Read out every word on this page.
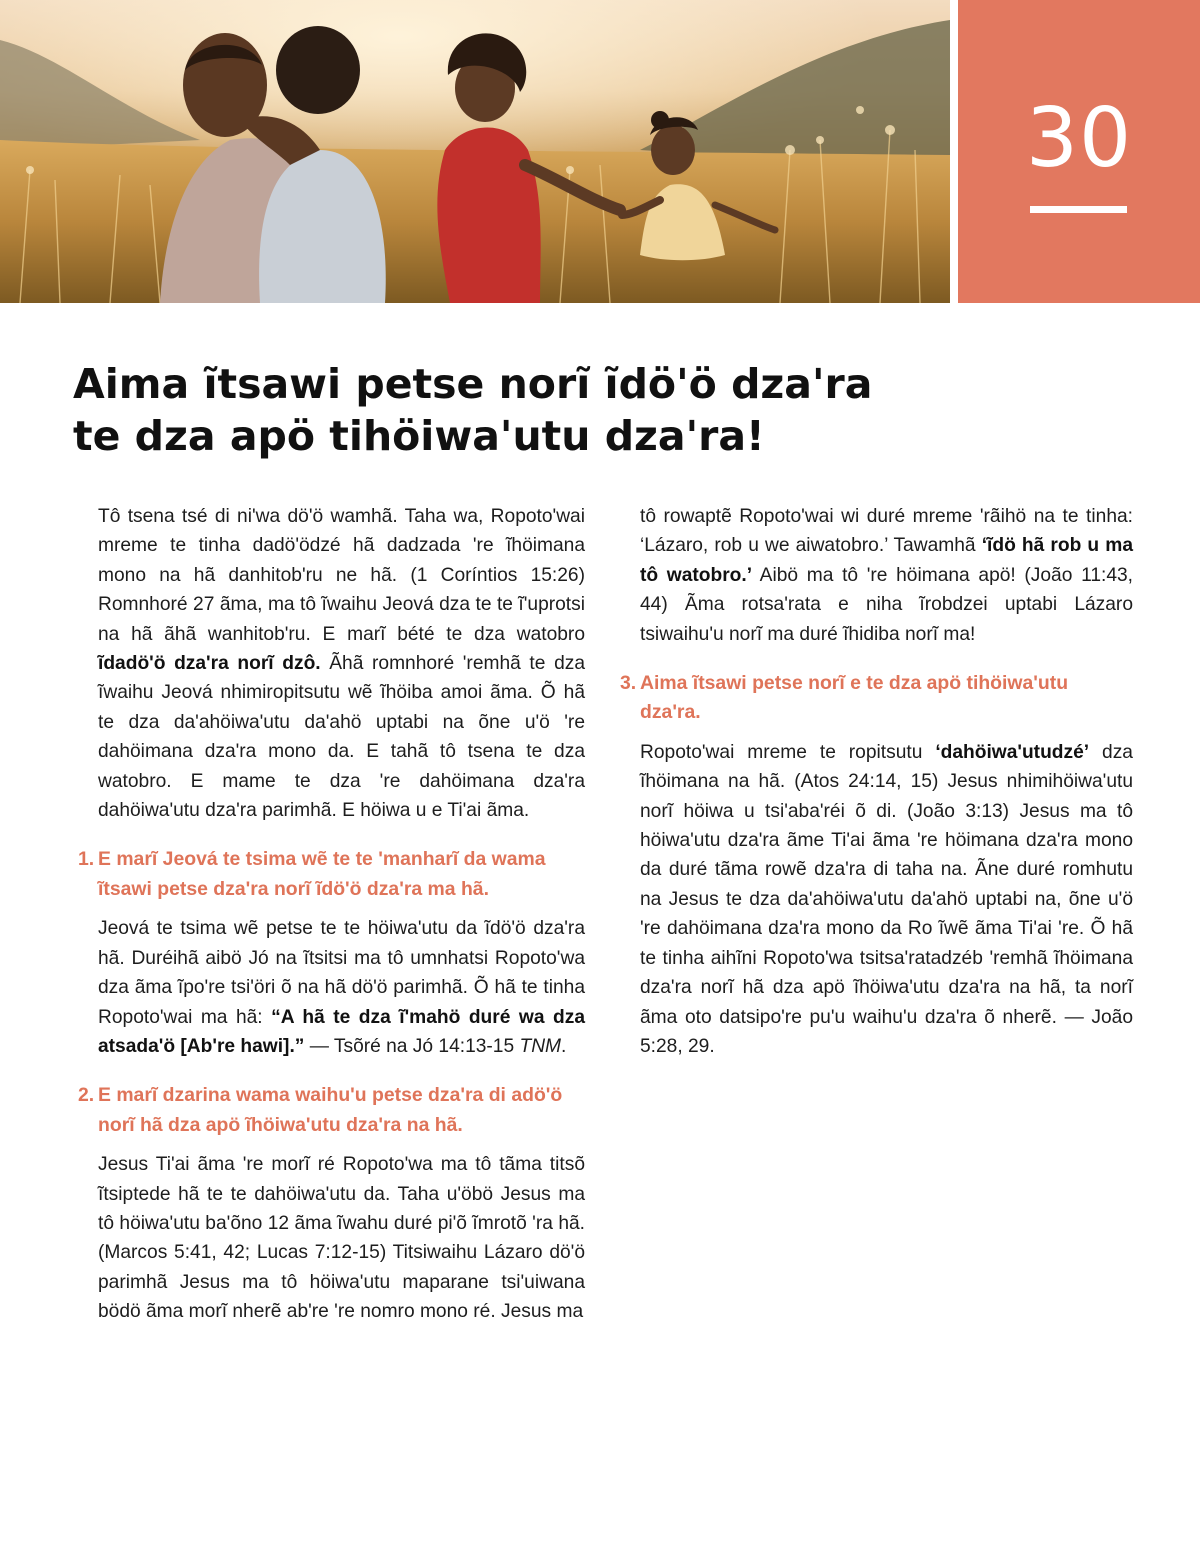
30
Aima ĩtsawi petse norĩ ĩdö'ö dza'ra
te dza apö tihöiwa'utu dza'ra!

Tô tsena tsé di ni'wa dö'ö wamhã. Taha wa, Ropoto'wai mreme te tinha dadö'ödzé hã dadzada 're ĩhöimana mono na hã danhitob'ru ne hã. (1 Coríntios 15:26) Romnhoré 27 ãma, ma tô ĩwaihu Jeová dza te te ĩ'uprotsi na hã ãhã wanhitob'ru. E marĩ bété te dza watobro ĩdadö'ö dza'ra norĩ dzô. Ãhã romnhoré 'remhã te dza ĩwaihu Jeová nhimiropitsutu wẽ ĩhöiba amoi ãma. Õ hã te dza da'ahöiwa'utu da'ahö uptabi na õne u'ö 're dahöimana dza'ra mono da. E tahã tô tsena te dza watobro. E mame te dza 're dahöimana dza'ra dahöiwa'utu dza'ra parimhã. E höiwa u e Ti'ai ãma.

1. E marĩ Jeová te tsima wẽ te te 'manharĩ da wama ĩtsawi petse dza'ra norĩ ĩdö'ö dza'ra ma hã.

Jeová te tsima wẽ petse te te höiwa'utu da ĩdö'ö dza'ra hã. Duréihã aibö Jó na ĩtsitsi ma tô umnhatsi Ropoto'wa dza ãma ĩpo're tsi'öri õ na hã dö'ö parimhã. Õ hã te tinha Ropoto'wai ma hã: “A hã te dza ĩ'mahö duré wa dza atsada'ö [Ab're hawi].” — Tsõré na Jó 14:13-15 TNM.

2. E marĩ dzarina wama waihu'u petse dza'ra di adö'ö norĩ hã dza apö ĩhöiwa'utu dza'ra na hã.

Jesus Ti'ai ãma 're morĩ ré Ropoto'wa ma tô tãma titsõ ĩtsiptede hã te te dahöiwa'utu da. Taha u'öbö Jesus ma tô höiwa'utu ba'õno 12 ãma ĩwahu duré pi'õ ĩmrotõ 'ra hã. (Marcos 5:41, 42; Lucas 7:12-15) Titsiwaihu Lázaro dö'ö parimhã Jesus ma tô höiwa'utu maparane tsi'uiwana bödö ãma morĩ nherẽ ab're 're nomro mono ré. Jesus ma

tô rowaptẽ Ropoto'wai wi duré mreme 'rãihö na te tinha: ‘Lázaro, rob u we aiwatobro.’ Tawamhã ‘ĩdö hã rob u ma tô watobro.’ Aibö ma tô 're höimana apö! (João 11:43, 44) Ãma rotsa'rata e niha ĩrobdzei uptabi Lázaro tsiwaihu'u norĩ ma duré ĩhidiba norĩ ma!

3. Aima ĩtsawi petse norĩ e te dza apö tihöiwa'utu dza'ra.

Ropoto'wai mreme te ropitsutu ‘dahöiwa'utudzé’ dza ĩhöimana na hã. (Atos 24:14, 15) Jesus nhimihöiwa'utu norĩ höiwa u tsi'aba'réi õ di. (João 3:13) Jesus ma tô höiwa'utu dza'ra ãme Ti'ai ãma 're höimana dza'ra mono da duré tãma rowẽ dza'ra di taha na. Ãne duré romhutu na Jesus te dza da'ahöiwa'utu da'ahö uptabi na, õne u'ö 're dahöimana dza'ra mono da Ro ĩwẽ ãma Ti'ai 're. Õ hã te tinha aihĩni Ropoto'wa tsitsa'ratadzéb 'remhã ĩhöimana dza'ra norĩ hã dza apö ĩhöiwa'utu dza'ra na hã, ta norĩ ãma oto datsipo're pu'u waihu'u dza'ra õ nherẽ. — João 5:28, 29.
